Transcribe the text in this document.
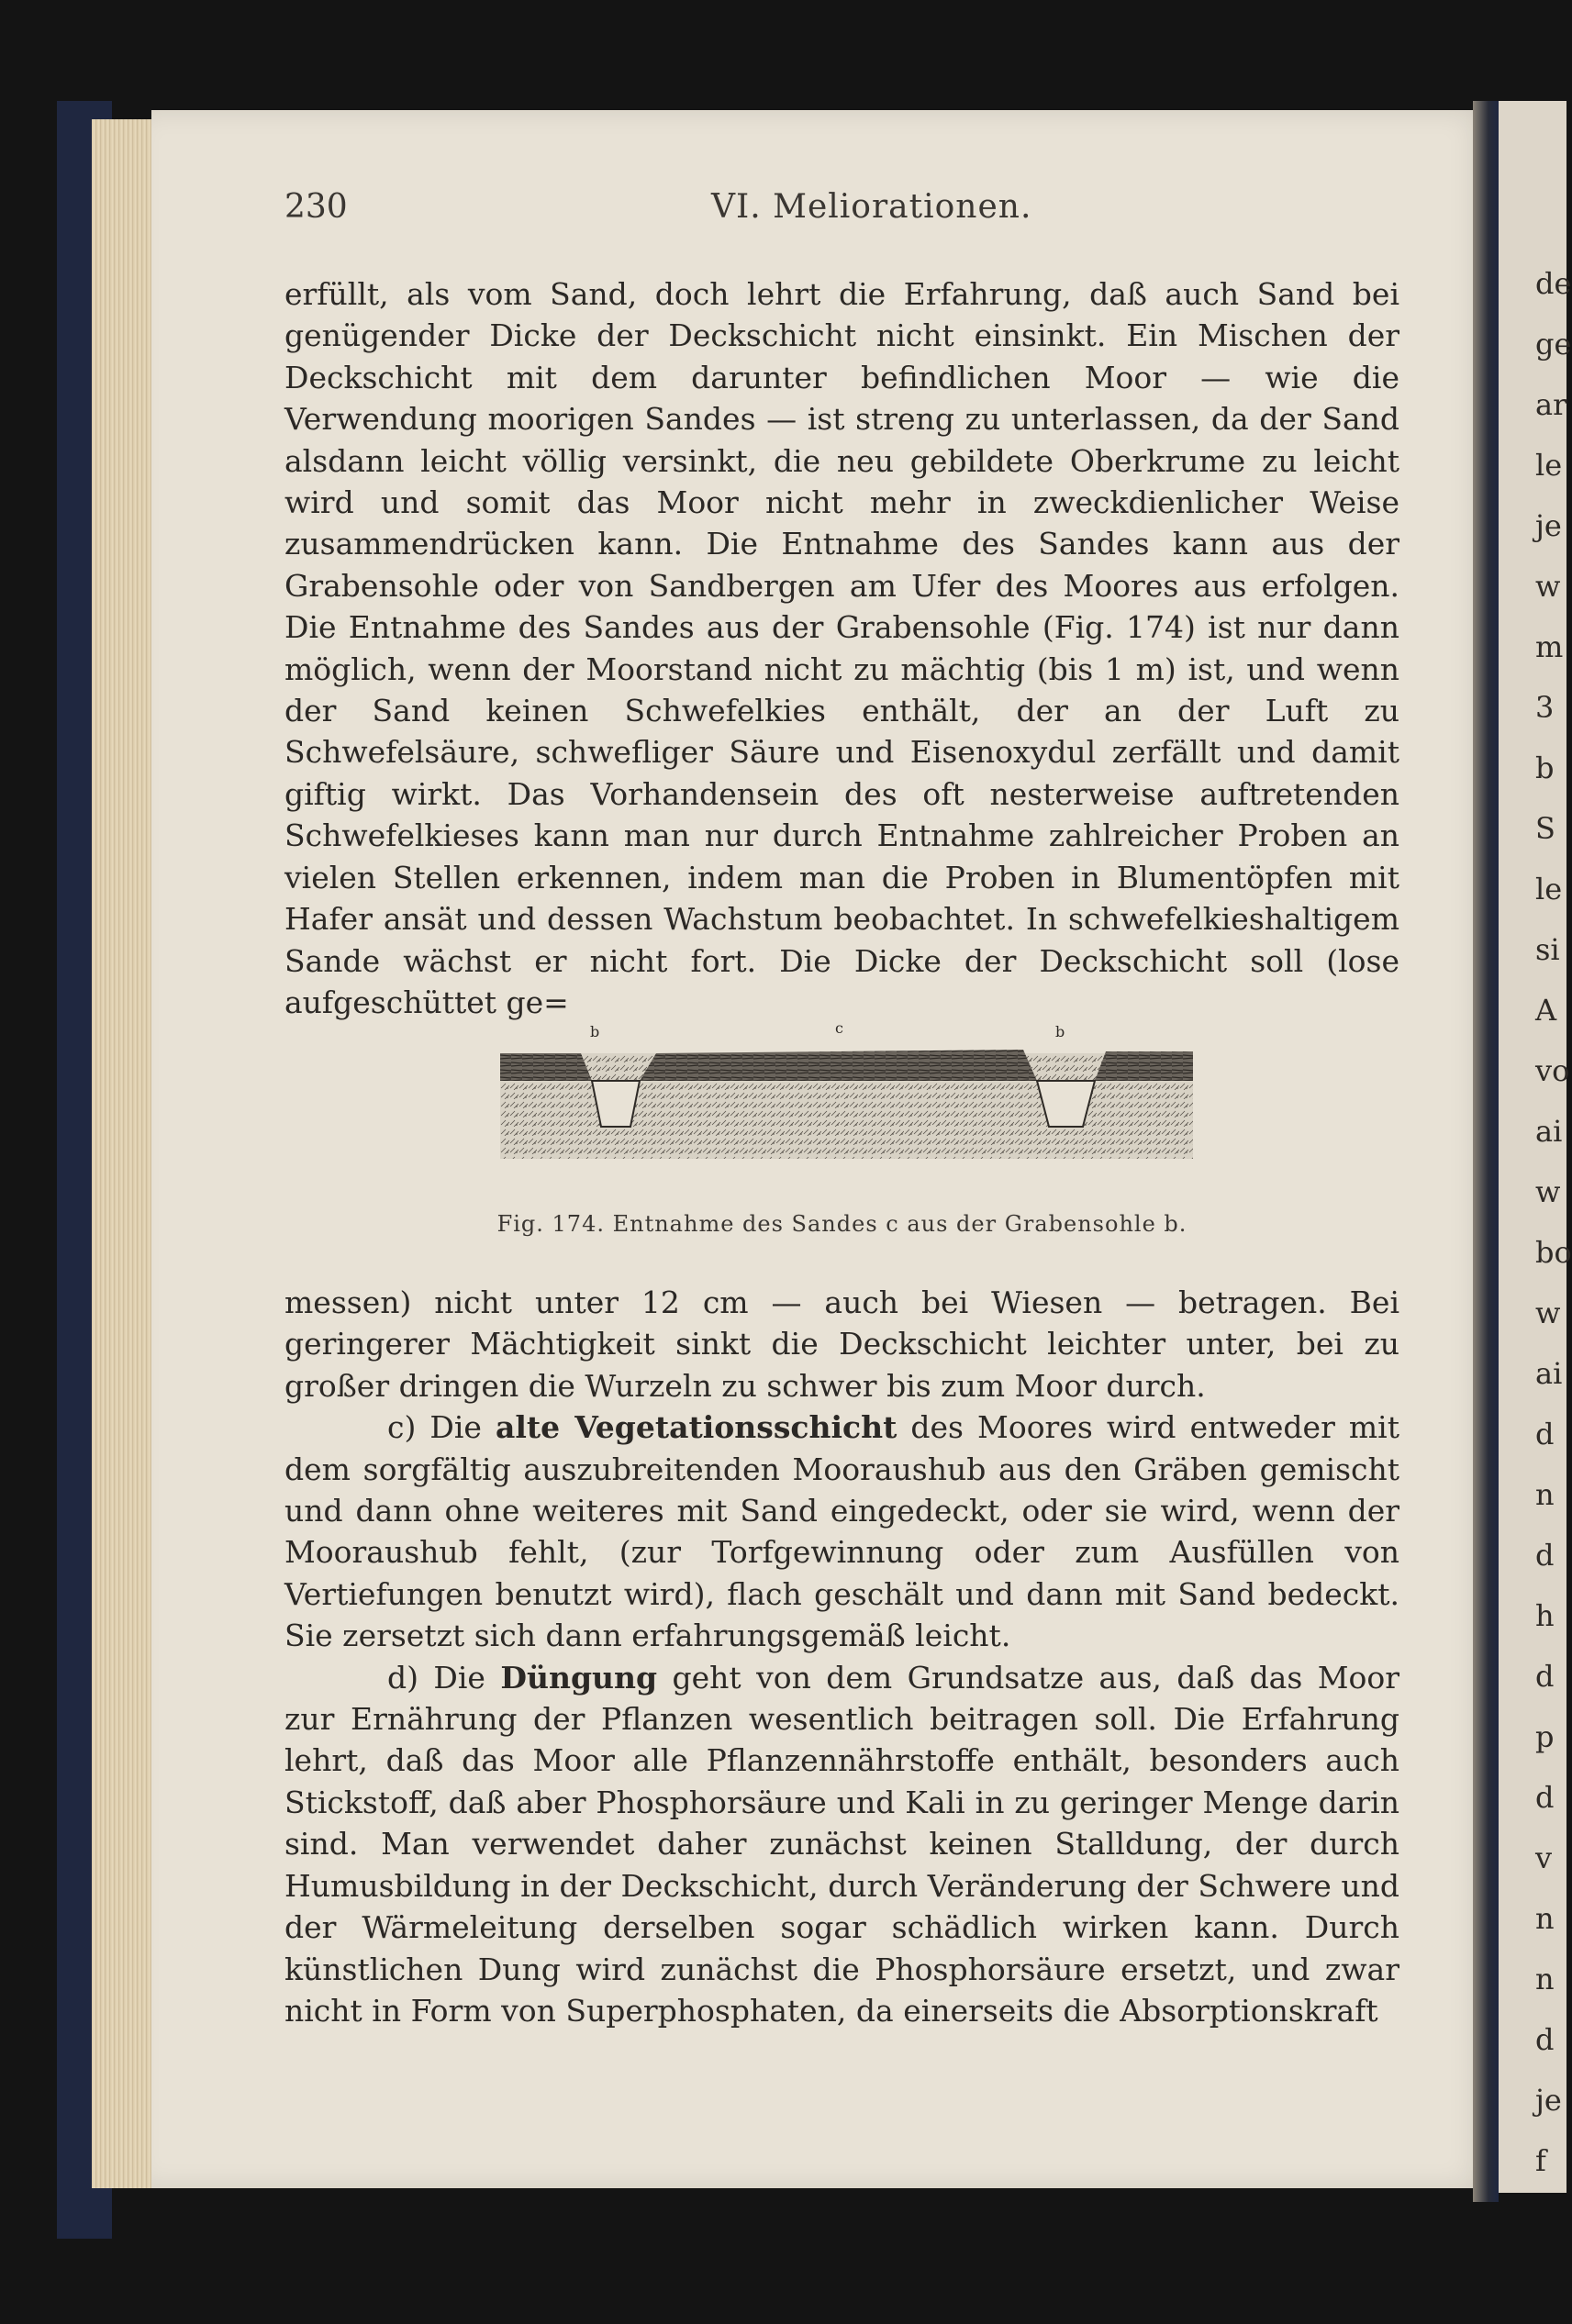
de
ge
ar
le
je
w
m
3
b
S
le
si
A
vo
ai
w
bo
w
ai
d
n
d
h
d
p
d
v
n
n
d
je
f
230	VI. Meliorationen.

erfüllt, als vom Sand, doch lehrt die Erfahrung, daß auch Sand bei genügender Dicke der Deckschicht nicht einsinkt. Ein Mischen der Deckschicht mit dem darunter befindlichen Moor — wie die Verwendung moorigen Sandes — ist streng zu unterlassen, da der Sand alsdann leicht völlig versinkt, die neu gebildete Oberkrume zu leicht wird und somit das Moor nicht mehr in zweckdienlicher Weise zusammendrücken kann. Die Entnahme des Sandes kann aus der Grabensohle oder von Sandbergen am Ufer des Moores aus erfolgen. Die Entnahme des Sandes aus der Grabensohle (Fig. 174) ist nur dann möglich, wenn der Moorstand nicht zu mächtig (bis 1 m) ist, und wenn der Sand keinen Schwefelkies enthält, der an der Luft zu Schwefelsäure, schwefliger Säure und Eisenoxydul zerfällt und damit giftig wirkt. Das Vorhandensein des oft nesterweise auftretenden Schwefelkieses kann man nur durch Entnahme zahlreicher Proben an vielen Stellen erkennen, indem man die Proben in Blumentöpfen mit Hafer ansät und dessen Wachstum beobachtet. In schwefelkieshaltigem Sande wächst er nicht fort. Die Dicke der Deckschicht soll (lose aufgeschüttet ge=

b	c	b
Fig. 174. Entnahme des Sandes c aus der Grabensohle b.

messen) nicht unter 12 cm — auch bei Wiesen — betragen. Bei geringerer Mächtigkeit sinkt die Deckschicht leichter unter, bei zu großer dringen die Wurzeln zu schwer bis zum Moor durch.

c) Die alte Vegetationsschicht des Moores wird entweder mit dem sorgfältig auszubreitenden Mooraushub aus den Gräben gemischt und dann ohne weiteres mit Sand eingedeckt, oder sie wird, wenn der Mooraushub fehlt, (zur Torfgewinnung oder zum Ausfüllen von Vertiefungen benutzt wird), flach geschält und dann mit Sand bedeckt. Sie zersetzt sich dann erfahrungsgemäß leicht.

d) Die Düngung geht von dem Grundsatze aus, daß das Moor zur Ernährung der Pflanzen wesentlich beitragen soll. Die Erfahrung lehrt, daß das Moor alle Pflanzennährstoffe enthält, besonders auch Stickstoff, daß aber Phosphorsäure und Kali in zu geringer Menge darin sind. Man verwendet daher zunächst keinen Stalldung, der durch Humusbildung in der Deckschicht, durch Veränderung der Schwere und der Wärmeleitung derselben sogar schädlich wirken kann. Durch künstlichen Dung wird zunächst die Phosphorsäure ersetzt, und zwar nicht in Form von Superphosphaten, da einerseits die Absorptionskraft
